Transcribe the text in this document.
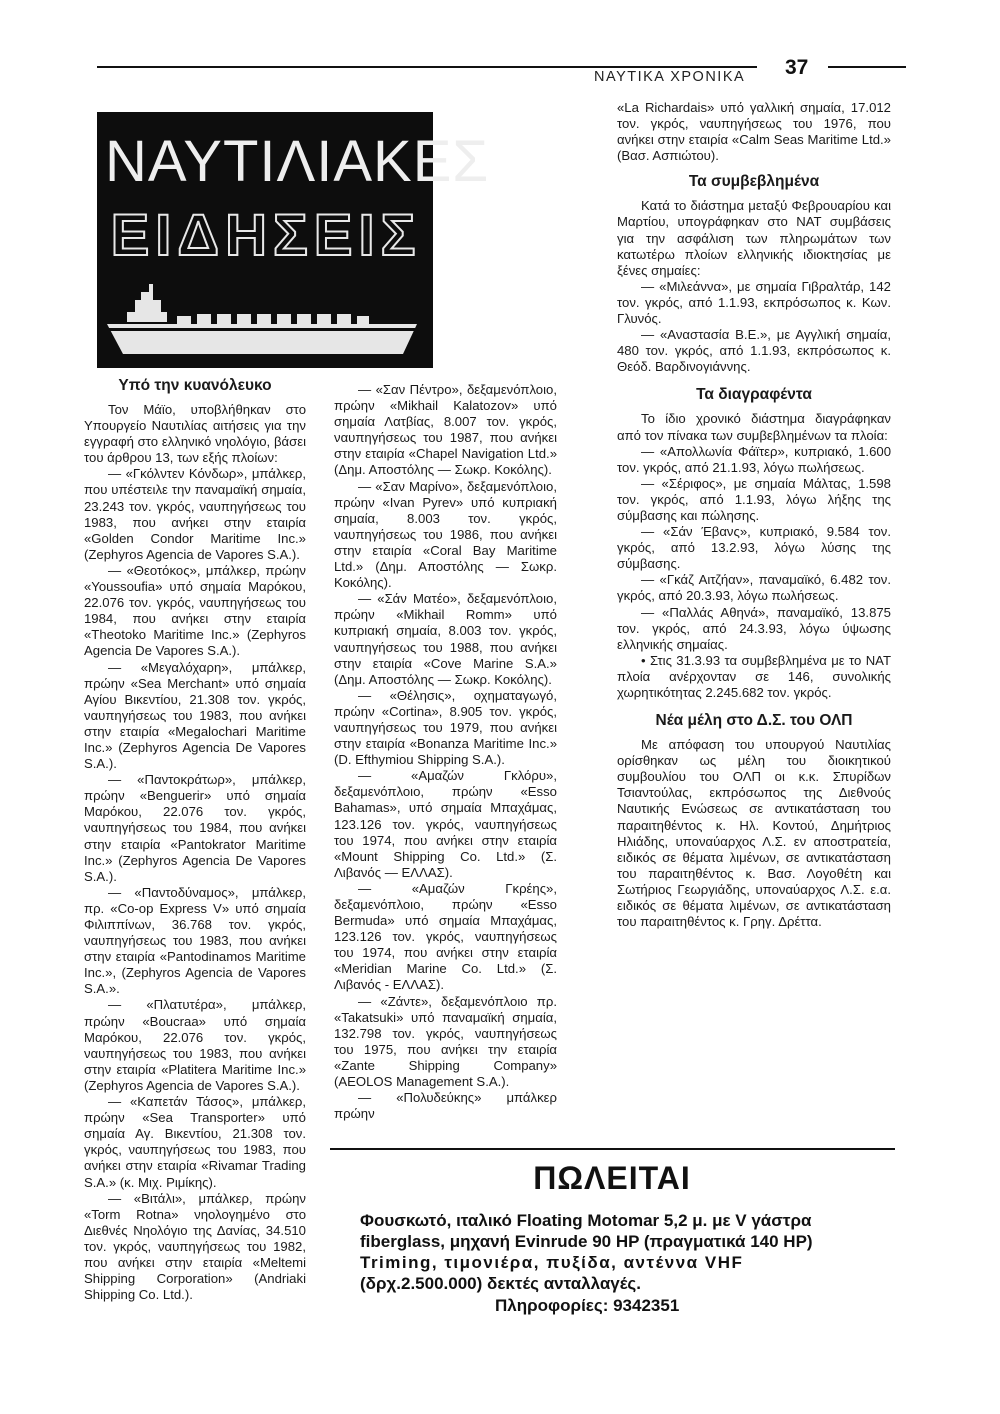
ΝΑΥΤΙΚΑ ΧΡΟΝΙΚΑ 37
ΝΑΥΤΙΛΙΑΚΕΣ
ΕΙΔΗΣΕΙΣ
Υπό την κυανόλευκο

Τον Μάϊο, υποβλήθηκαν στο Υπουργείο Ναυτιλίας αιτήσεις για την εγγραφή στο ελληνικό νηολόγιο, βάσει του άρθρου 13, των εξής πλοίων:

— «Γκόλντεν Κόνδωρ», μπάλκερ, που υπέστειλε την παναμαϊκή σημαία, 23.243 τον. γκρός, ναυπηγήσεως του 1983, που ανήκει στην εταιρία «Golden Condor Maritime Inc.» (Zephyros Agencia de Vapores S.A.).

— «Θεοτόκος», μπάλκερ, πρώην «Youssoufia» υπό σημαία Μαρόκου, 22.076 τον. γκρός, ναυπηγήσεως του 1984, που ανήκει στην εταιρία «Theotoko Maritime Inc.» (Zephyros Agencia De Vapores S.A.).

— «Μεγαλόχαρη», μπάλκερ, πρώην «Sea Merchant» υπό σημαία Αγίου Βικεντίου, 21.308 τον. γκρός, ναυπηγήσεως του 1983, που ανήκει στην εταιρία «Megalochari Maritime Inc.» (Zephyros Agencia De Vapores S.A.).

— «Παντοκράτωρ», μπάλκερ, πρώην «Benguerir» υπό σημαία Μαρόκου, 22.076 τον. γκρός, ναυπηγήσεως του 1984, που ανήκει στην εταιρία «Pantokrator Maritime Inc.» (Zephyros Agencia De Vapores S.A.).

— «Παντοδύναμος», μπάλκερ, πρ. «Co-op Express V» υπό σημαία Φιλιππίνων, 36.768 τον. γκρός, ναυπηγήσεως του 1983, που ανήκει στην εταιρία «Pantodinamos Maritime Inc.», (Zephyros Agencia de Vapores S.A.».

— «Πλατυτέρα», μπάλκερ, πρώην «Boucraa» υπό σημαία Μαρόκου, 22.076 τον. γκρός, ναυπηγήσεως του 1983, που ανήκει στην εταιρία «Platitera Maritime Inc.» (Zephyros Agencia de Vapores S.A.).

— «Καπετάν Τάσος», μπάλκερ, πρώην «Sea Transporter» υπό σημαία Αγ. Βικεντίου, 21.308 τον. γκρός, ναυπηγήσεως του 1983, που ανήκει στην εταιρία «Rivamar Trading S.A.» (κ. Μιχ. Ριμίκης).

— «Βιτάλι», μπάλκερ, πρώην «Torm Rotna» νηολογημένο στο Διεθνές Νηολόγιο της Δανίας, 34.510 τον. γκρός, ναυπηγήσεως του 1982, που ανήκει στην εταιρία «Meltemi Shipping Corporation» (Andriaki Shipping Co. Ltd.).

— «Σαν Πέντρο», δεξαμενόπλοιο, πρώην «Mikhail Kalatozov» υπό σημαία Λατβίας, 8.007 τον. γκρός, ναυπηγήσεως του 1987, που ανήκει στην εταιρία «Chapel Navigation Ltd.» (Δημ. Αποστόλης — Σωκρ. Κοκόλης).

— «Σαν Μαρίνο», δεξαμενόπλοιο, πρώην «Ivan Pyrev» υπό κυπριακή σημαία, 8.003 τον. γκρός, ναυπηγήσεως του 1986, που ανήκει στην εταιρία «Coral Bay Maritime Ltd.» (Δημ. Αποστόλης — Σωκρ. Κοκόλης).

— «Σάν Ματέο», δεξαμενόπλοιο, πρώην «Mikhail Romm» υπό κυπριακή σημαία, 8.003 τον. γκρός, ναυπηγήσεως του 1988, που ανήκει στην εταιρία «Cove Marine S.A.» (Δημ. Αποστόλης — Σωκρ. Κοκόλης).

— «Θέλησις», οχηματαγωγό, πρώην «Cortina», 8.905 τον. γκρός, ναυπηγήσεως του 1979, που ανήκει στην εταιρία «Bonanza Maritime Inc.» (D. Efthymiou Shipping S.A.).

— «Αμαζών Γκλόρυ», δεξαμενόπλοιο, πρώην «Esso Bahamas», υπό σημαία Μπαχάμας, 123.126 τον. γκρός, ναυπηγήσεως του 1974, που ανήκει στην εταιρία «Mount Shipping Co. Ltd.» (Σ. Λιβανός — ΕΛΛΑΣ).

— «Αμαζών Γκρέης», δεξαμενόπλοιο, πρώην «Esso Bermuda» υπό σημαία Μπαχάμας, 123.126 τον. γκρός, ναυπηγήσεως του 1974, που ανήκει στην εταιρία «Meridian Marine Co. Ltd.» (Σ. Λιβανός - ΕΛΛΑΣ).

— «Ζάντε», δεξαμενόπλοιο πρ. «Takatsuki» υπό παναμαϊκή σημαία, 132.798 τον. γκρός, ναυπηγήσεως του 1975, που ανήκει την εταιρία «Zante Shipping Company» (AEOLOS Management S.A.).

— «Πολυδεύκης» μπάλκερ πρώην

«La Richardais» υπό γαλλική σημαία, 17.012 τον. γκρός, ναυπηγήσεως του 1976, που ανήκει στην εταιρία «Calm Seas Maritime Ltd.» (Βασ. Ασπιώτου).

Τα συμβεβλημένα

Κατά το διάστημα μεταξύ Φεβρουαρίου και Μαρτίου, υπογράφηκαν στο ΝΑΤ συμβάσεις για την ασφάλιση των πληρωμάτων των κατωτέρω πλοίων ελληνικής ιδιοκτησίας με ξένες σημαίες:

— «Μιλεάννα», με σημαία Γιβραλτάρ, 142 τον. γκρός, από 1.1.93, εκπρόσωπος κ. Κων. Γλυνός.

— «Αναστασία Β.Ε.», με Αγγλική σημαία, 480 τον. γκρός, από 1.1.93, εκπρόσωπος κ. Θεόδ. Βαρδινογιάννης.

Τα διαγραφέντα

Το ίδιο χρονικό διάστημα διαγράφηκαν από τον πίνακα των συμβεβλημένων τα πλοία:

— «Απολλωνία Φάϊτερ», κυπριακό, 1.600 τον. γκρός, από 21.1.93, λόγω πωλήσεως.

— «Σέριφος», με σημαία Μάλτας, 1.598 τον. γκρός, από 1.1.93, λόγω λήξης της σύμβασης και πώλησης.

— «Σάν Έβανς», κυπριακό, 9.584 τον. γκρός, από 13.2.93, λόγω λύσης της σύμβασης.

— «Γκάζ Αιτζήαν», παναμαϊκό, 6.482 τον. γκρός, από 20.3.93, λόγω πωλήσεως.

— «Παλλάς Αθηνά», παναμαϊκό, 13.875 τον. γκρός, από 24.3.93, λόγω ύψωσης ελληνικής σημαίας.

• Στις 31.3.93 τα συμβεβλημένα με το ΝΑΤ πλοία ανέρχονταν σε 146, συνολικής χωρητικότητας 2.245.682 τον. γκρός.

Νέα μέλη στο Δ.Σ. του ΟΛΠ

Με απόφαση του υπουργού Ναυτιλίας ορίσθηκαν ως μέλη του διοικητικού συμβουλίου του ΟΛΠ οι κ.κ. Σπυρίδων Τσιαντούλας, εκπρόσωπος της Διεθνούς Ναυτικής Ενώσεως σε αντικατάσταση του παραιτηθέντος κ. Ηλ. Κοντού, Δημήτριος Ηλιάδης, υποναύαρχος Λ.Σ. εν αποστρατεία, ειδικός σε θέματα λιμένων, σε αντικατάσταση του παραιτηθέντος κ. Βασ. Λογοθέτη και Σωτήριος Γεωργιάδης, υποναύαρχος Λ.Σ. ε.α. ειδικός σε θέματα λιμένων, σε αντικατάσταση του παραιτηθέντος κ. Γρηγ. Δρέττα.

ΠΩΛΕΙΤΑΙ
Φουσκωτό, ιταλικό Floating Motomar 5,2 μ. με V γάστρα
fiberglass, μηχανή Evinrude 90 HP (πραγματικά 140 HP)
Triming, τιμονιέρα, πυξίδα, αντέννα VHF
(δρχ.2.500.000) δεκτές ανταλλαγές.
Πληροφορίες: 9342351
